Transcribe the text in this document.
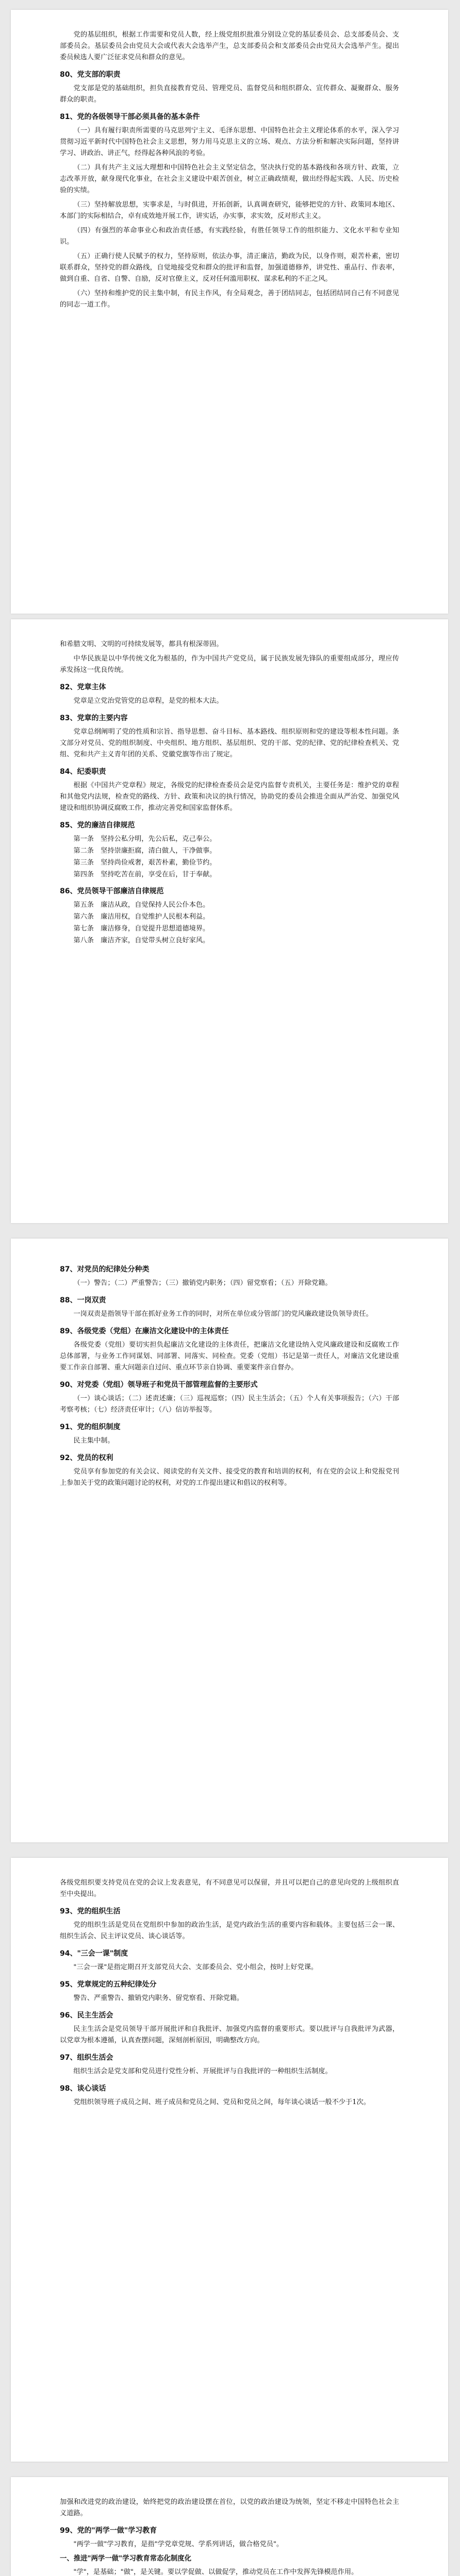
党的基层组织，根据工作需要和党员人数，经上级党组织批准分别设立党的基层委员会、总支部委员会、支部委员会。基层委员会由党员大会或代表大会选举产生，总支部委员会和支部委员会由党员大会选举产生。提出委员候选人要广泛征求党员和群众的意见。
80、党支部的职责
党支部是党的基础组织，担负直接教育党员、管理党员、监督党员和组织群众、宣传群众、凝聚群众、服务群众的职责。
81、党的各级领导干部必须具备的基本条件
（一）具有履行职责所需要的马克思列宁主义、毛泽东思想、中国特色社会主义理论体系的水平，深入学习贯彻习近平新时代中国特色社会主义思想，努力用马克思主义的立场、观点、方法分析和解决实际问题，坚持讲学习、讲政治、讲正气，经得起各种风浪的考验。
（二）具有共产主义远大理想和中国特色社会主义坚定信念，坚决执行党的基本路线和各项方针、政策，立志改革开放，献身现代化事业，在社会主义建设中艰苦创业，树立正确政绩观，做出经得起实践、人民、历史检验的实绩。
（三）坚持解放思想，实事求是，与时俱进，开拓创新，认真调查研究，能够把党的方针、政策同本地区、本部门的实际相结合，卓有成效地开展工作，讲实话，办实事，求实效，反对形式主义。
（四）有强烈的革命事业心和政治责任感，有实践经验，有胜任领导工作的组织能力、文化水平和专业知识。
（五）正确行使人民赋予的权力，坚持原则，依法办事，清正廉洁，勤政为民，以身作则，艰苦朴素，密切联系群众，坚持党的群众路线，自觉地接受党和群众的批评和监督，加强道德修养，讲党性、重品行、作表率，做到自重、自省、自警、自励，反对官僚主义，反对任何滥用职权、谋求私利的不正之风。
（六）坚持和维护党的民主集中制，有民主作风，有全局观念，善于团结同志，包括团结同自己有不同意见的同志一道工作。
和希腊文明、文明的可持续发展等，都具有根深蒂固。
中华民族是以中华传统文化为根基的，作为中国共产党党员，属于民族发展先锋队的重要组成部分，理应传承发扬这一优良传统。
82、党章主体
党章是立党治党管党的总章程，是党的根本大法。
83、党章的主要内容
党章总纲阐明了党的性质和宗旨、指导思想、奋斗目标、基本路线、组织原则和党的建设等根本性问题。条文部分对党员、党的组织制度、中央组织、地方组织、基层组织、党的干部、党的纪律、党的纪律检查机关、党组、党和共产主义青年团的关系、党徽党旗等作出了规定。
84、纪委职责
根据《中国共产党章程》规定，各级党的纪律检查委员会是党内监督专责机关，主要任务是：维护党的章程和其他党内法规，检查党的路线、方针、政策和决议的执行情况，协助党的委员会推进全面从严治党、加强党风建设和组织协调反腐败工作，推动完善党和国家监督体系。
85、党的廉洁自律规范
第一条　坚持公私分明，先公后私，克己奉公。
第二条　坚持崇廉拒腐，清白做人，干净做事。
第三条　坚持尚俭戒奢，艰苦朴素，勤俭节约。
第四条　坚持吃苦在前，享受在后，甘于奉献。
86、党员领导干部廉洁自律规范
第五条　廉洁从政，自觉保持人民公仆本色。
第六条　廉洁用权，自觉维护人民根本利益。
第七条　廉洁修身，自觉提升思想道德境界。
第八条　廉洁齐家，自觉带头树立良好家风。
87、对党员的纪律处分种类
（一）警告；（二）严重警告；（三）撤销党内职务；（四）留党察看；（五）开除党籍。
88、一岗双责
一岗双责是指领导干部在抓好业务工作的同时，对所在单位或分管部门的党风廉政建设负领导责任。
89、各级党委（党组）在廉洁文化建设中的主体责任
各级党委（党组）要切实担负起廉洁文化建设的主体责任，把廉洁文化建设纳入党风廉政建设和反腐败工作总体部署，与业务工作同谋划、同部署、同落实、同检查。党委（党组）书记是第一责任人，对廉洁文化建设重要工作亲自部署、重大问题亲自过问、重点环节亲自协调、重要案件亲自督办。
90、对党委（党组）领导班子和党员干部管理监督的主要形式
（一）谈心谈话；（二）述责述廉；（三）巡视巡察；（四）民主生活会；（五）个人有关事项报告；（六）干部考察考核；（七）经济责任审计；（八）信访举报等。
91、党的组织制度
民主集中制。
92、党员的权利
党员享有参加党的有关会议、阅读党的有关文件、接受党的教育和培训的权利，有在党的会议上和党报党刊上参加关于党的政策问题讨论的权利，对党的工作提出建议和倡议的权利等。
各级党组织要支持党员在党的会议上发表意见，有不同意见可以保留，并且可以把自己的意见向党的上级组织直至中央提出。
93、党的组织生活
党的组织生活是党员在党组织中参加的政治生活，是党内政治生活的重要内容和载体。主要包括三会一课、组织生活会、民主评议党员、谈心谈话等。
94、"三会一课"制度
"三会一课"是指定期召开支部党员大会、支部委员会、党小组会，按时上好党课。
95、党章规定的五种纪律处分
警告、严重警告、撤销党内职务、留党察看、开除党籍。
96、民主生活会
民主生活会是党员领导干部开展批评和自我批评、加强党内监督的重要形式。要以批评与自我批评为武器，以党章为根本遵循，认真查摆问题，深刻剖析原因，明确整改方向。
97、组织生活会
组织生活会是党支部和党员进行党性分析、开展批评与自我批评的一种组织生活制度。
98、谈心谈话
党组织领导班子成员之间、班子成员和党员之间、党员和党员之间，每年谈心谈话一般不少于1次。
加强和改进党的政治建设，始终把党的政治建设摆在首位，以党的政治建设为统领，坚定不移走中国特色社会主义道路。
99、党的"两学一做"学习教育
"两学一做"学习教育，是指"学党章党规、学系列讲话，做合格党员"。
一、推进"两学一做"学习教育常态化制度化
"学"，是基础；"做"，是关键。要以学促做、以做促学，推动党员在工作中发挥先锋模范作用。
